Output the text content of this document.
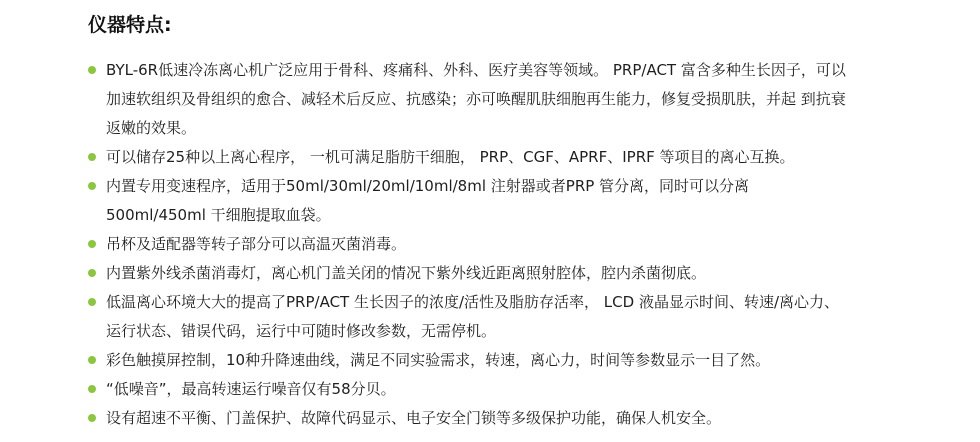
仪器特点:
BYL-6R低速冷冻离心机广泛应用于骨科、疼痛科、外科、医疗美容等领域。 PRP/ACT 富含多种生长因子，可以加速软组织及骨组织的愈合、减轻术后反应、抗感染；亦可唤醒肌肤细胞再生能力，修复受损肌肤，并起 到抗衰返嫩的效果。
可以储存25种以上离心程序， 一机可满足脂肪干细胞， PRP、CGF、APRF、IPRF 等项目的离心互换。
内置专用变速程序，适用于50ml/30ml/20ml/10ml/8ml 注射器或者PRP 管分离，同时可以分离500ml/450ml 干细胞提取血袋。
吊杯及适配器等转子部分可以高温灭菌消毒。
内置紫外线杀菌消毒灯，离心机门盖关闭的情况下紫外线近距离照射腔体，腔内杀菌彻底。
低温离心环境大大的提高了PRP/ACT 生长因子的浓度/活性及脂肪存活率， LCD 液晶显示时间、转速/离心力、 运行状态、错误代码，运行中可随时修改参数，无需停机。
彩色触摸屏控制，10种升降速曲线，满足不同实验需求，转速，离心力，时间等参数显示一目了然。
“低噪音”，最高转速运行噪音仅有58分贝。
设有超速不平衡、门盖保护、故障代码显示、电子安全门锁等多级保护功能，确保人机安全。
